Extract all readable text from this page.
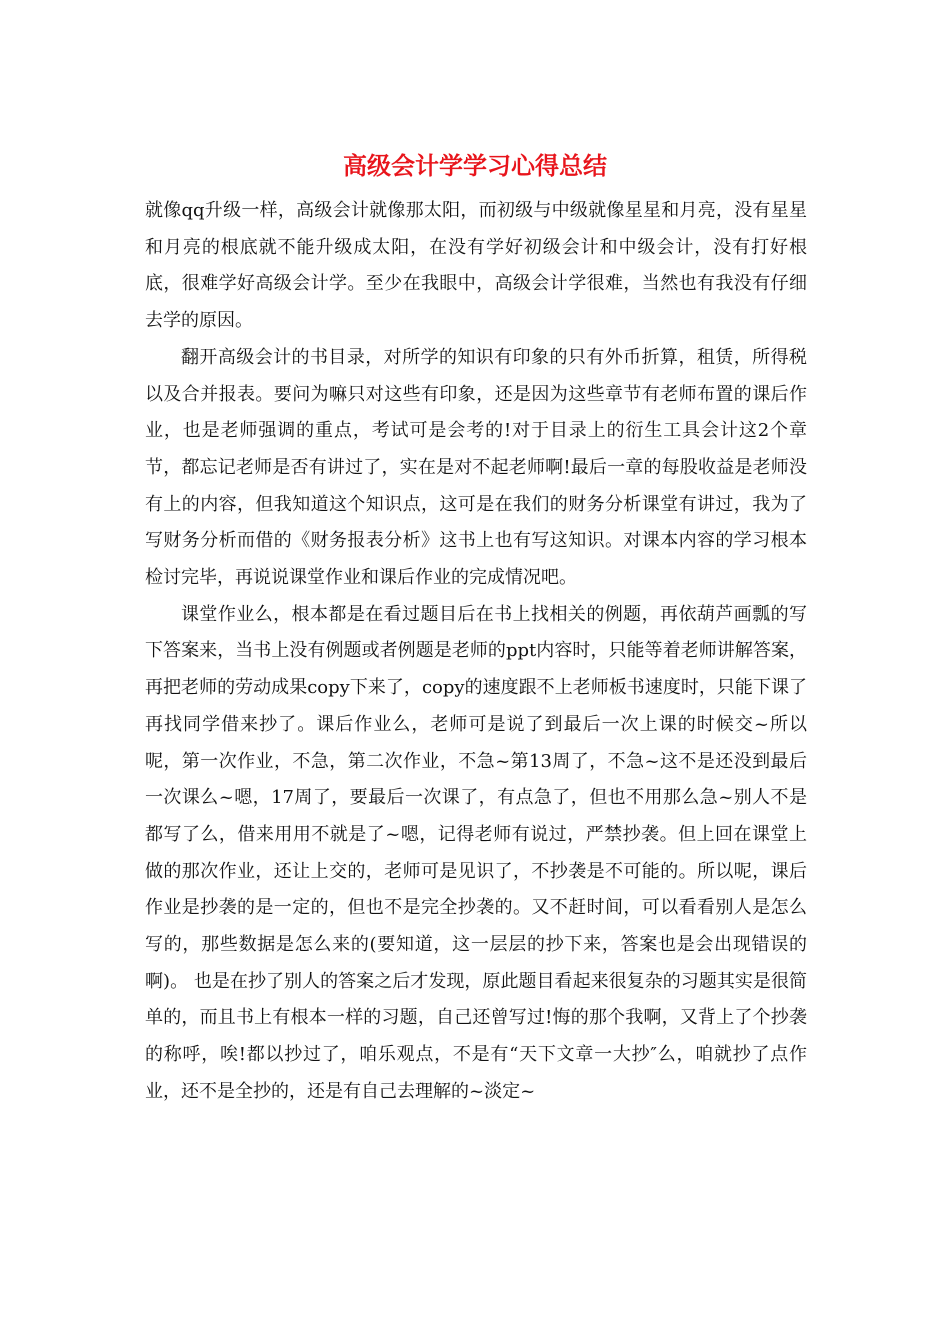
高级会计学学习心得总结

就像qq升级一样，高级会计就像那太阳，而初级与中级就像星星和月亮，没有星星和月亮的根底就不能升级成太阳，在没有学好初级会计和中级会计，没有打好根底，很难学好高级会计学。至少在我眼中，高级会计学很难，当然也有我没有仔细去学的原因。

翻开高级会计的书目录，对所学的知识有印象的只有外币折算，租赁，所得税以及合并报表。要问为嘛只对这些有印象，还是因为这些章节有老师布置的课后作业，也是老师强调的重点，考试可是会考的!对于目录上的衍生工具会计这2个章节，都忘记老师是否有讲过了，实在是对不起老师啊!最后一章的每股收益是老师没有上的内容，但我知道这个知识点，这可是在我们的财务分析课堂有讲过，我为了写财务分析而借的《财务报表分析》这书上也有写这知识。对课本内容的学习根本检讨完毕，再说说课堂作业和课后作业的完成情况吧。

课堂作业么，根本都是在看过题目后在书上找相关的例题，再依葫芦画瓢的写下答案来，当书上没有例题或者例题是老师的ppt内容时，只能等着老师讲解答案，再把老师的劳动成果copy下来了，copy的速度跟不上老师板书速度时，只能下课了再找同学借来抄了。课后作业么，老师可是说了到最后一次上课的时候交~所以呢，第一次作业，不急，第二次作业，不急~第13周了，不急~这不是还没到最后一次课么~嗯，17周了，要最后一次课了，有点急了，但也不用那么急~别人不是都写了么，借来用用不就是了~嗯，记得老师有说过，严禁抄袭。但上回在课堂上做的那次作业，还让上交的，老师可是见识了，不抄袭是不可能的。所以呢，课后作业是抄袭的是一定的，但也不是完全抄袭的。又不赶时间，可以看看别人是怎么写的，那些数据是怎么来的(要知道，这一层层的抄下来，答案也是会出现错误的啊)。 也是在抄了别人的答案之后才发现，原此题目看起来很复杂的习题其实是很简单的，而且书上有根本一样的习题，自己还曾写过!悔的那个我啊，又背上了个抄袭的称呼，唉!都以抄过了，咱乐观点，不是有“天下文章一大抄″么，咱就抄了点作业，还不是全抄的，还是有自己去理解的~淡定~
